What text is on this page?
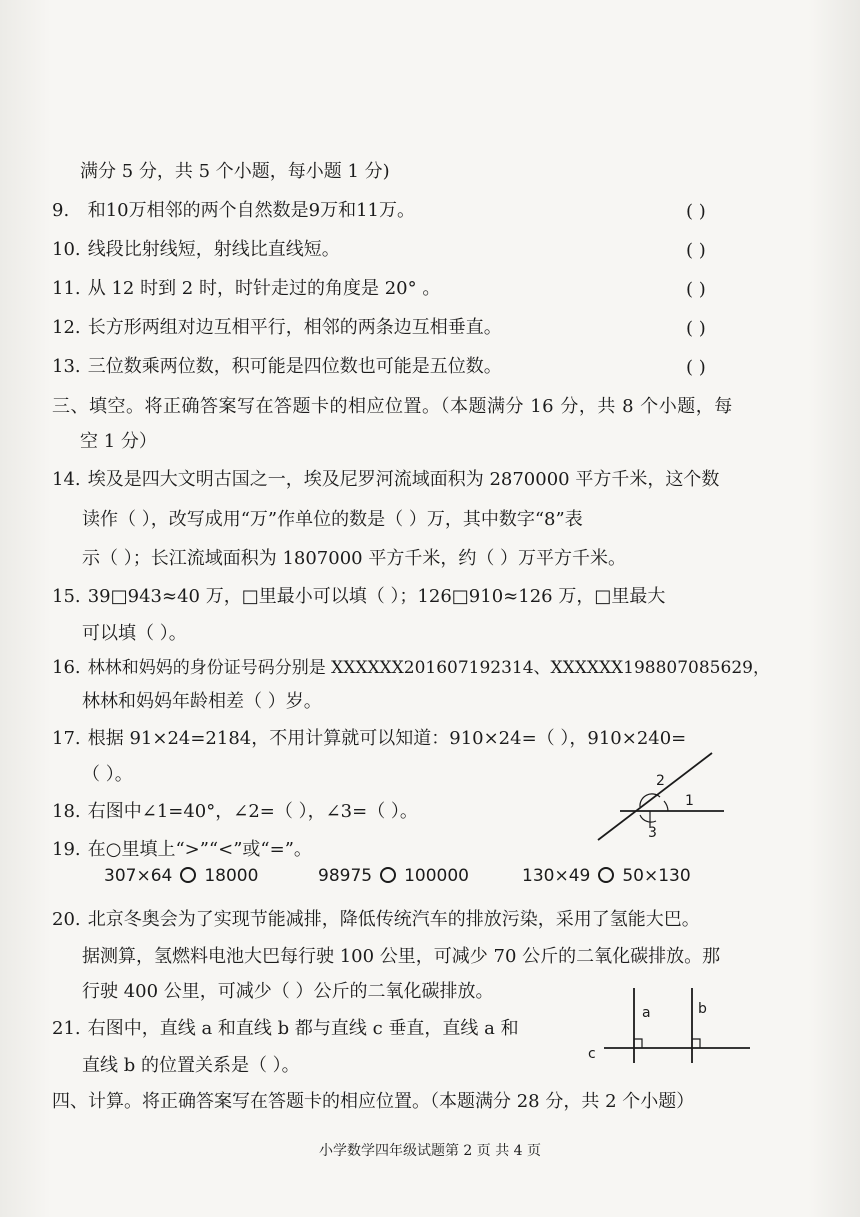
满分 5 分，共 5 个小题，每小题 1 分)
9. 和10万相邻的两个自然数是9万和11万。	( )
10. 线段比射线短，射线比直线短。	( )
11. 从 12 时到 2 时，时针走过的角度是 20° 。	( )
12. 长方形两组对边互相平行，相邻的两条边互相垂直。	( )
13. 三位数乘两位数，积可能是四位数也可能是五位数。	( )
三、填空。将正确答案写在答题卡的相应位置。（本题满分 16 分，共 8 个小题，每
空 1 分）
14. 埃及是四大文明古国之一，埃及尼罗河流域面积为 2870000 平方千米，这个数
读作（ ），改写成用“万”作单位的数是（ ）万，其中数字“8”表
示（ ）；长江流域面积为 1807000 平方千米，约（ ）万平方千米。
15. 39□943≈40 万，□里最小可以填（ ）；126□910≈126 万，□里最大
可以填（ ）。
16. 林林和妈妈的身份证号码分别是 XXXXXX201607192314、XXXXXX198807085629，
林林和妈妈年龄相差（ ）岁。
17. 根据 91×24=2184，不用计算就可以知道：910×24=（ ），910×240=
（ ）。
18. 右图中∠1=40°，∠2=（ ），∠3=（ ）。	1
2
3
19. 在○里填上“>”“<”或“=”。
307×64 18000	98975 100000	130×49 50×130
20. 北京冬奥会为了实现节能减排，降低传统汽车的排放污染，采用了氢能大巴。
据测算，氢燃料电池大巴每行驶 100 公里，可减少 70 公斤的二氧化碳排放。那
行驶 400 公里，可减少（ ）公斤的二氧化碳排放。
21. 右图中，直线 a 和直线 b 都与直线 c 垂直，直线 a 和
直线 b 的位置关系是（ ）。
a	b
c
四、计算。将正确答案写在答题卡的相应位置。（本题满分 28 分，共 2 个小题）
小学数学四年级试题第 2 页 共 4 页
